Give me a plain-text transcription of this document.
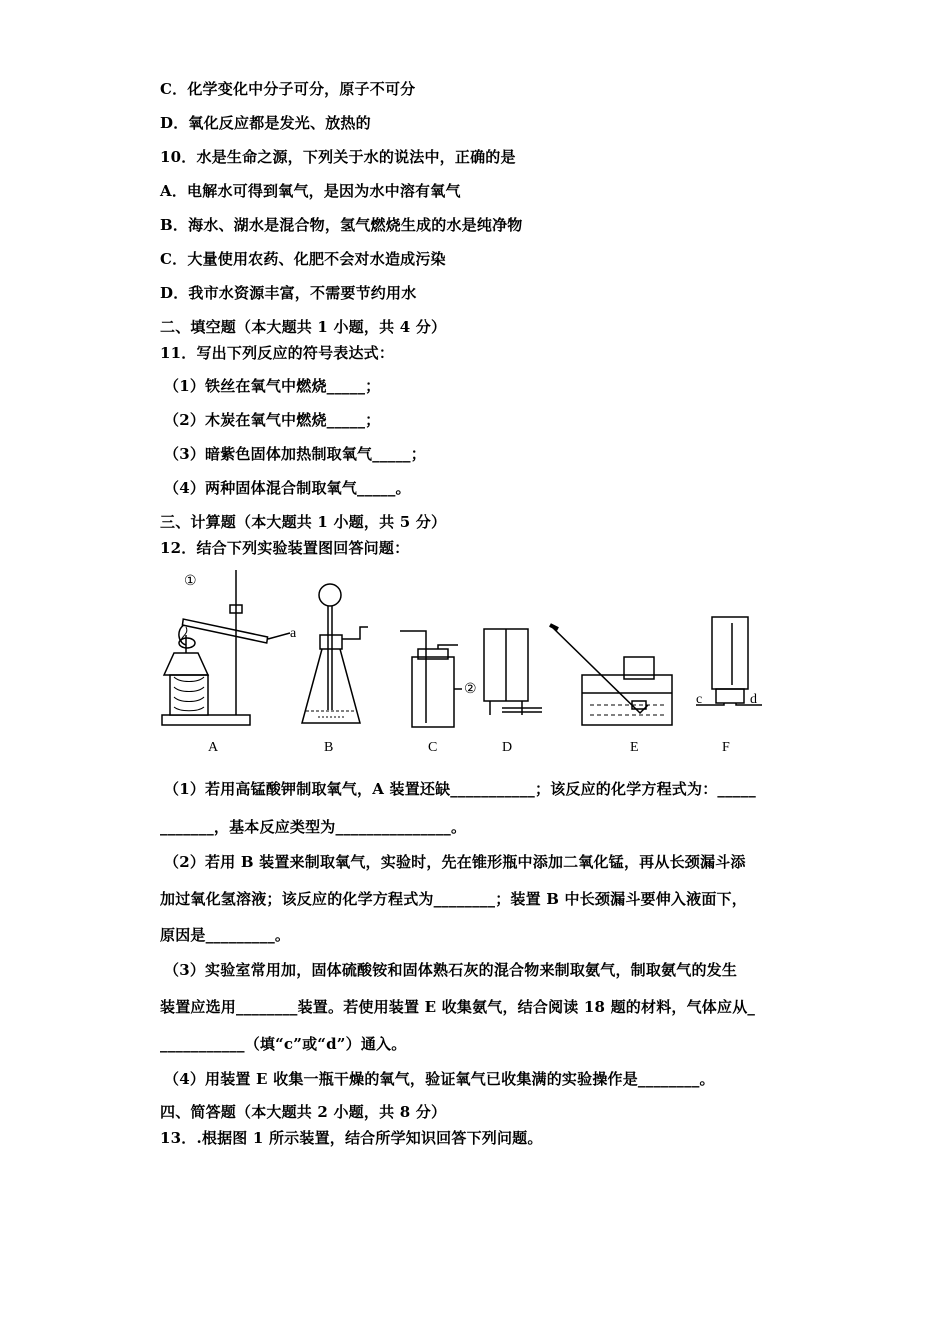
C．化学变化中分子可分，原子不可分
D．氧化反应都是发光、放热的
10．水是生命之源，下列关于水的说法中，正确的是
A．电解水可得到氧气，是因为水中溶有氧气
B．海水、湖水是混合物，氢气燃烧生成的水是纯净物
C．大量使用农药、化肥不会对水造成污染
D．我市水资源丰富，不需要节约用水
二、填空题（本大题共 1 小题，共 4 分）
11．写出下列反应的符号表达式：
（1）铁丝在氧气中燃烧_____；
（2）木炭在氧气中燃烧_____；
（3）暗紫色固体加热制取氧气_____；
（4）两种固体混合制取氧气_____。
三、计算题（本大题共 1 小题，共 5 分）
12．结合下列实验装置图回答问题：
①
a
②
c	d
A	B	C	D	E	F
（1）若用高锰酸钾制取氧气，A 装置还缺___________；该反应的化学方程式为：_____
_______，基本反应类型为_______________。
（2）若用 B 装置来制取氧气，实验时，先在锥形瓶中添加二氧化锰，再从长颈漏斗添
加过氧化氢溶液；该反应的化学方程式为________；装置 B 中长颈漏斗要伸入液面下，
原因是_________。
（3）实验室常用加，固体硫酸铵和固体熟石灰的混合物来制取氨气，制取氨气的发生
装置应选用________装置。若使用装置 E 收集氨气，结合阅读 18 题的材料，气体应从_
___________（填“c”或“d”）通入。
（4）用装置 E 收集一瓶干燥的氧气，验证氧气已收集满的实验操作是________。
四、简答题（本大题共 2 小题，共 8 分）
13．.根据图 1 所示装置，结合所学知识回答下列问题。
